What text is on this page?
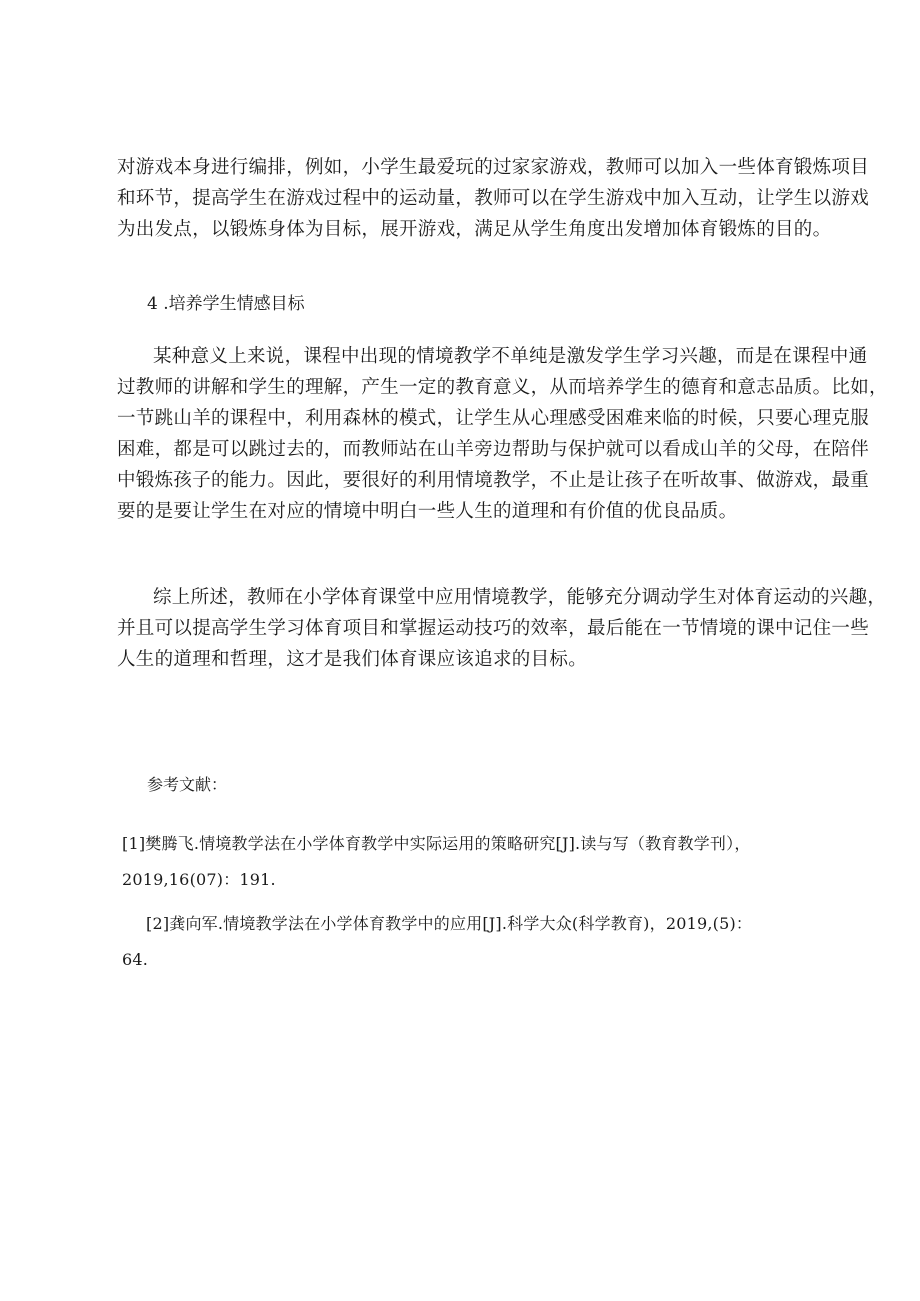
对游戏本身进行编排，例如，小学生最爱玩的过家家游戏，教师可以加入一些体育锻炼项目
和环节，提高学生在游戏过程中的运动量，教师可以在学生游戏中加入互动，让学生以游戏
为出发点，以锻炼身体为目标，展开游戏，满足从学生角度出发增加体育锻炼的目的。

4 .培养学生情感目标

某种意义上来说，课程中出现的情境教学不单纯是激发学生学习兴趣，而是在课程中通
过教师的讲解和学生的理解，产生一定的教育意义，从而培养学生的德育和意志品质。比如，
一节跳山羊的课程中，利用森林的模式，让学生从心理感受困难来临的时候，只要心理克服
困难，都是可以跳过去的，而教师站在山羊旁边帮助与保护就可以看成山羊的父母，在陪伴
中锻炼孩子的能力。因此，要很好的利用情境教学，不止是让孩子在听故事、做游戏，最重
要的是要让学生在对应的情境中明白一些人生的道理和有价值的优良品质。
综上所述，教师在小学体育课堂中应用情境教学，能够充分调动学生对体育运动的兴趣，
并且可以提高学生学习体育项目和掌握运动技巧的效率，最后能在一节情境的课中记住一些
人生的道理和哲理，这才是我们体育课应该追求的目标。

参考文献：

[1]樊腾飞.情境教学法在小学体育教学中实际运用的策略研究[J].读与写（教育教学刊），
2019,16(07)：191.
[2]龚向军.情境教学法在小学体育教学中的应用[J].科学大众(科学教育)，2019,(5)：
64.
